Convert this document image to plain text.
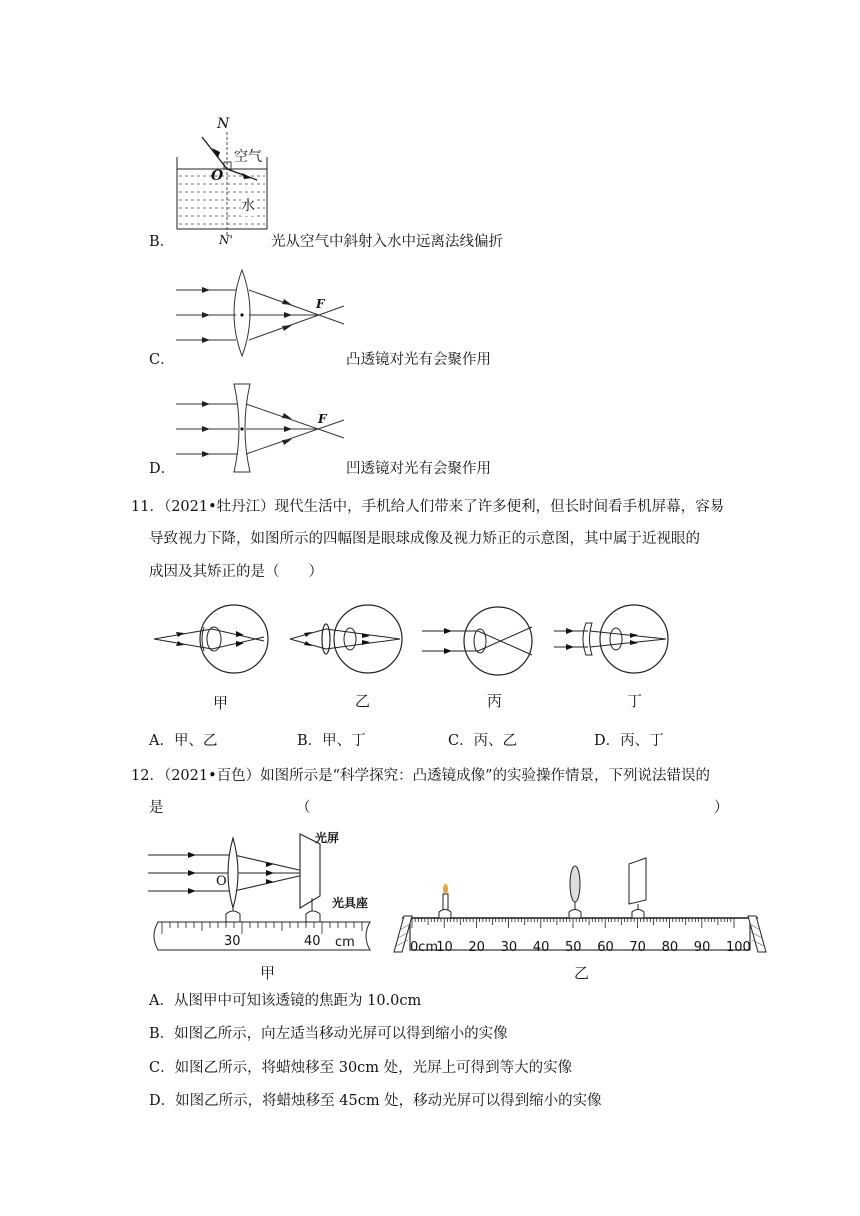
N
O
空气
水
N'
B．	光从空气中斜射入水中远离法线偏折
F
C．	凸透镜对光有会聚作用
F
D．	凹透镜对光有会聚作用
11．（2021•牡丹江）现代生活中，手机给人们带来了许多便利，但长时间看手机屏幕，容易
导致视力下降，如图所示的四幅图是眼球成像及视力矫正的示意图，其中属于近视眼的
成因及其矫正的是（　　）
甲	乙	丙	丁
A．甲、乙	B．甲、丁	C．丙、乙	D．丙、丁
12．（2021•百色）如图所示是“科学探究：凸透镜成像”的实验操作情景，下列说法错误的
是	（	）
光屏
光具座
O
30	40 cm
甲
0cm
10 20 30 40 50 60 70 80 90 100
乙
A．从图甲中可知该透镜的焦距为 10.0cm
B．如图乙所示，向左适当移动光屏可以得到缩小的实像
C．如图乙所示，将蜡烛移至 30cm 处，光屏上可得到等大的实像
D．如图乙所示，将蜡烛移至 45cm 处，移动光屏可以得到缩小的实像
